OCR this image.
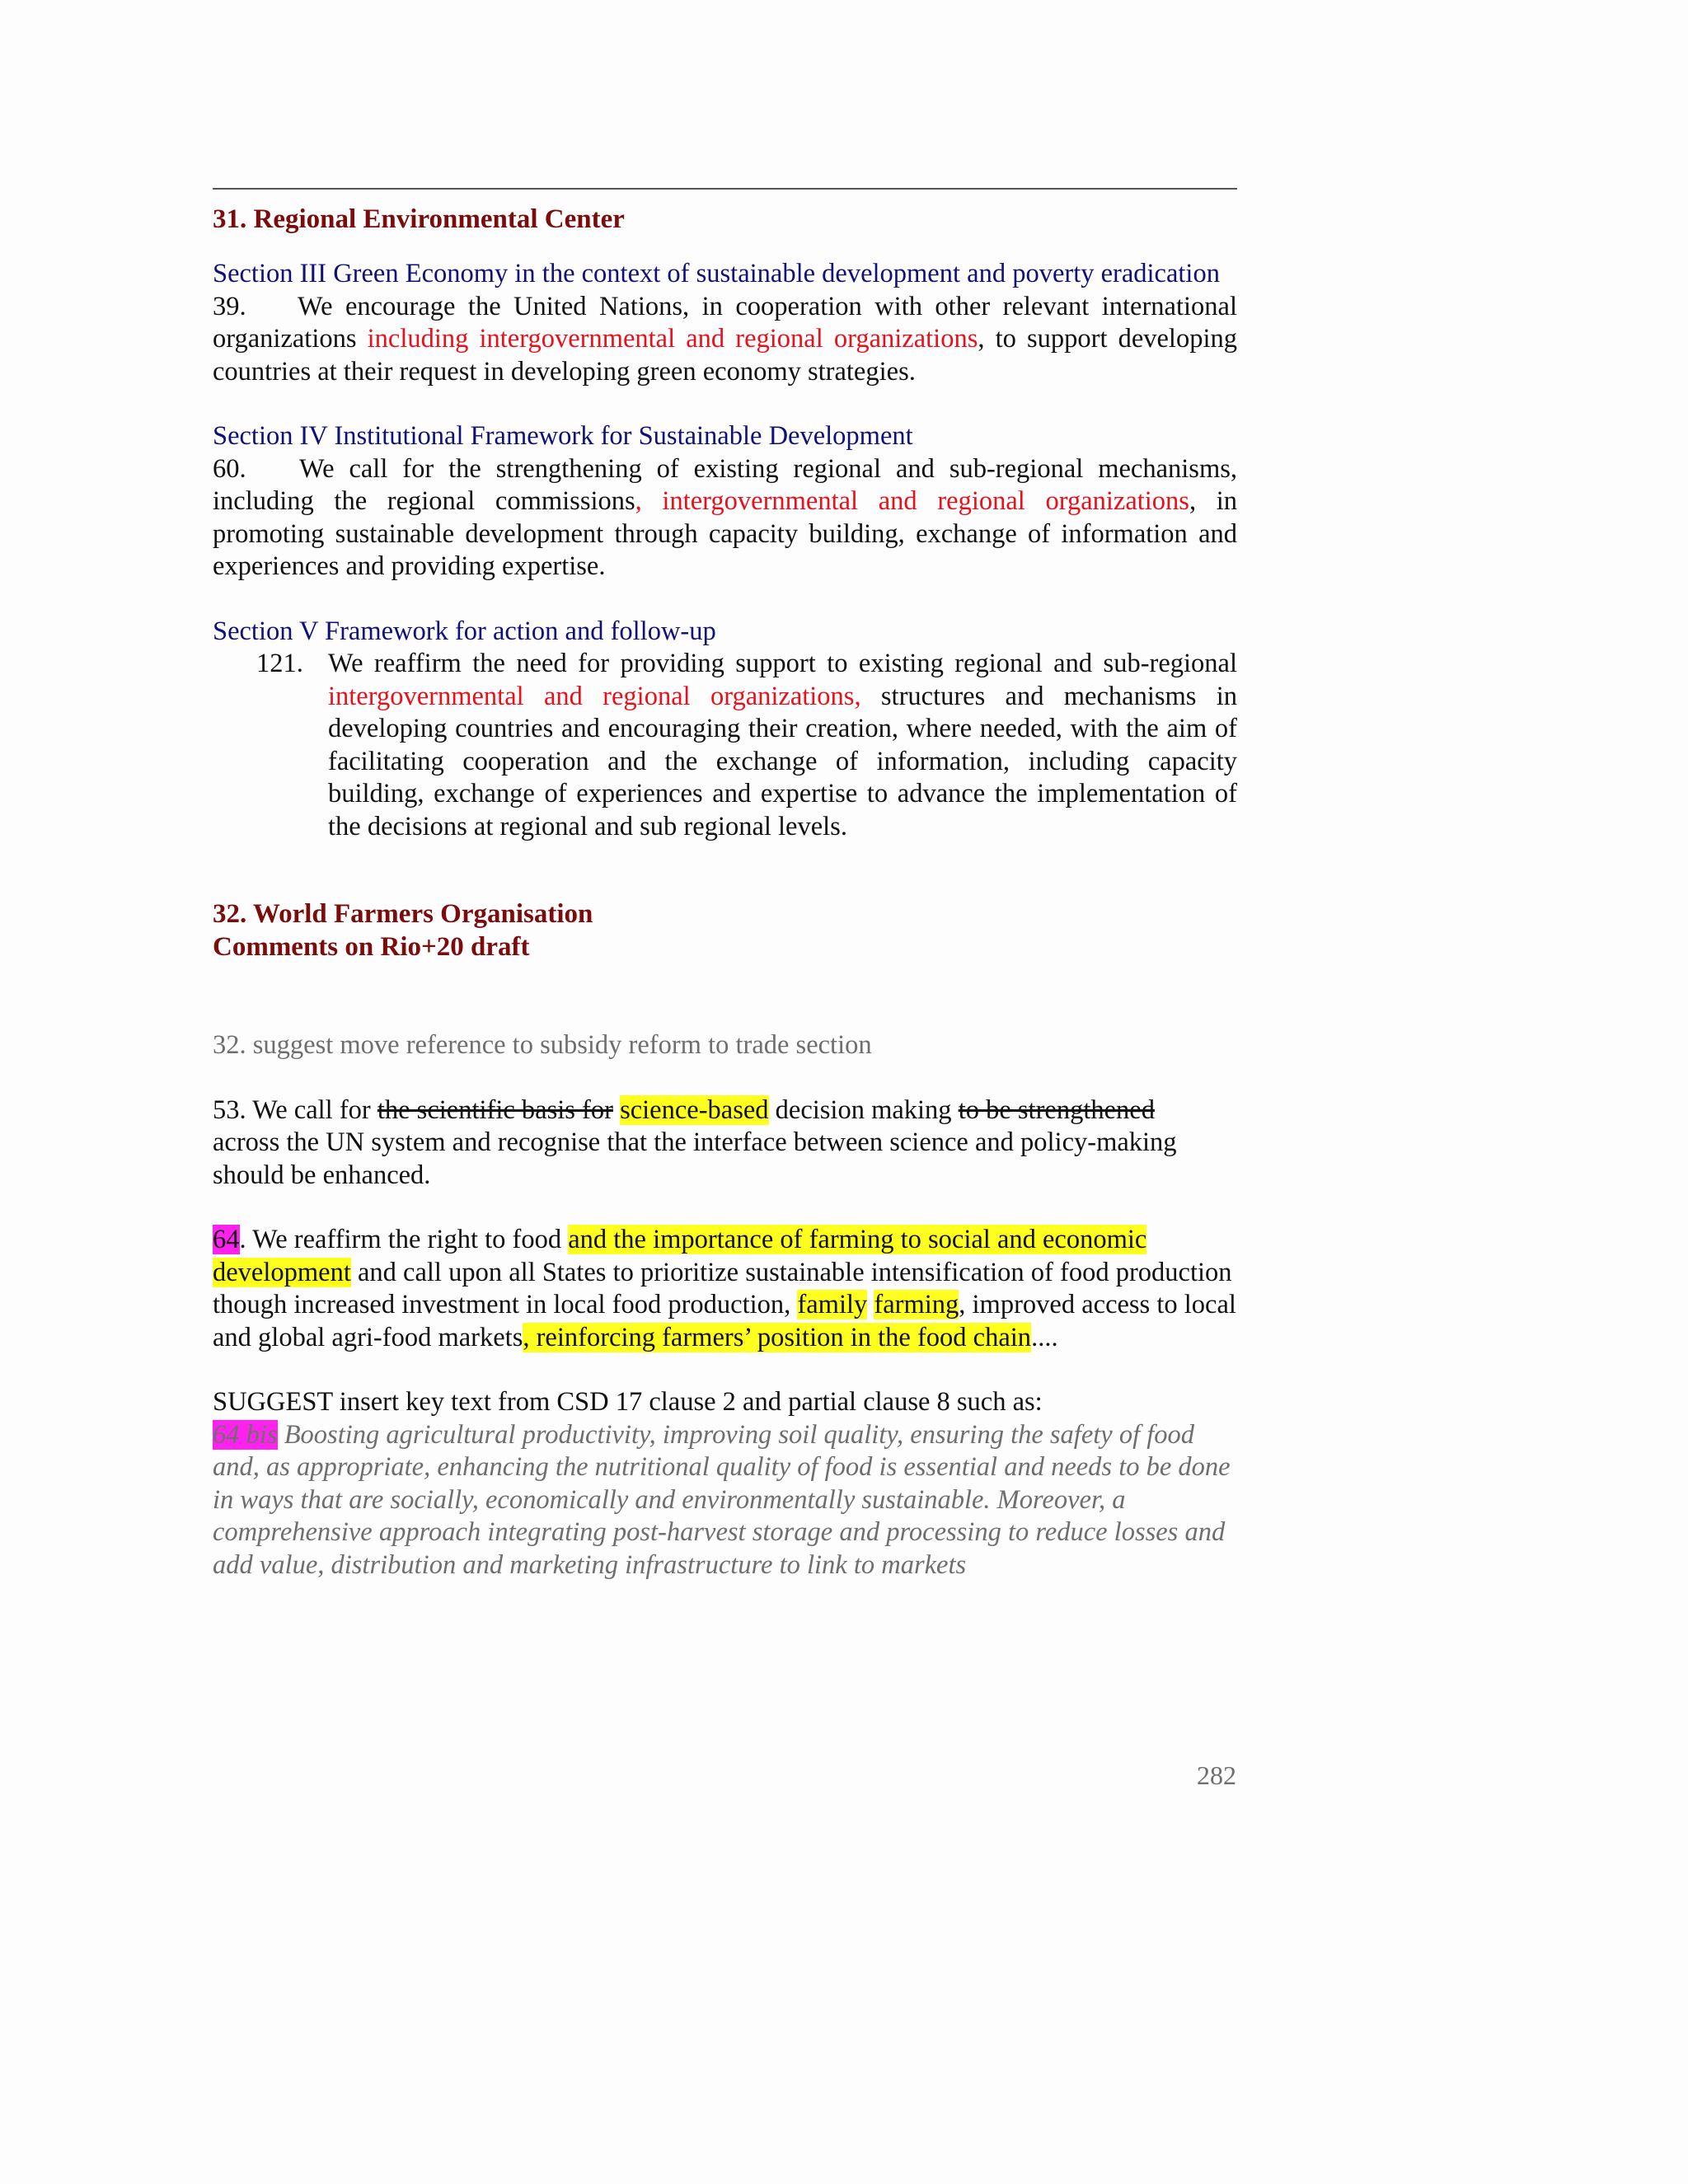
31. Regional Environmental Center
Section III Green Economy in the context of sustainable development and poverty eradication

39. We encourage the United Nations, in cooperation with other relevant international organizations including intergovernmental and regional organizations, to support developing countries at their request in developing green economy strategies.

Section IV Institutional Framework for Sustainable Development

60. We call for the strengthening of existing regional and sub-regional mechanisms, including the regional commissions, intergovernmental and regional organizations, in promoting sustainable development through capacity building, exchange of information and experiences and providing expertise.

Section V Framework for action and follow-up
121. We reaffirm the need for providing support to existing regional and sub-regional intergovernmental and regional organizations, structures and mechanisms in developing countries and encouraging their creation, where needed, with the aim of facilitating cooperation and the exchange of information, including capacity building, exchange of experiences and expertise to advance the implementation of the decisions at regional and sub regional levels.
32. World Farmers Organisation
Comments on Rio+20 draft

32. suggest move reference to subsidy reform to trade section

53. We call for the scientific basis for science-based decision making to be strengthened
across the UN system and recognise that the interface between science and policy-making should be enhanced.

64. We reaffirm the right to food and the importance of farming to social and economic development and call upon all States to prioritize sustainable intensification of food production though increased investment in local food production, family farming, improved access to local and global agri-food markets, reinforcing farmers’ position in the food chain....

SUGGEST insert key text from CSD 17 clause 2 and partial clause 8 such as:

64 bis Boosting agricultural productivity, improving soil quality, ensuring the safety of food and, as appropriate, enhancing the nutritional quality of food is essential and needs to be done in ways that are socially, economically and environmentally sustainable. Moreover, a comprehensive approach integrating post-harvest storage and processing to reduce losses and add value, distribution and marketing infrastructure to link to markets

282
